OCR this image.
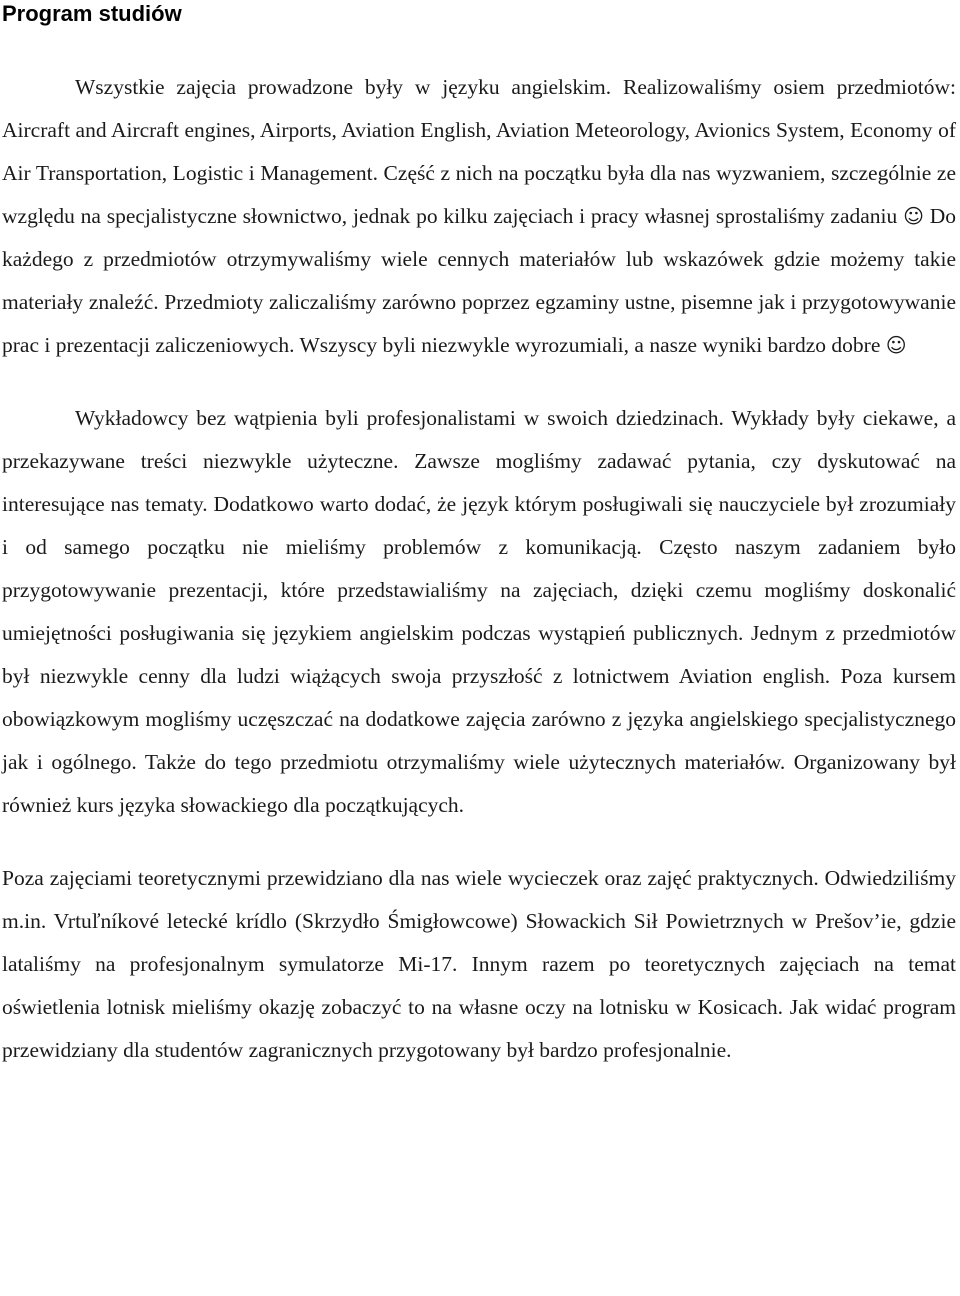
Program studiów

Wszystkie zajęcia prowadzone były w języku angielskim. Realizowaliśmy osiem przedmiotów: Aircraft and Aircraft engines, Airports, Aviation English, Aviation Meteorology, Avionics System, Economy of Air Transportation, Logistic i Management. Część z nich na początku była dla nas wyzwaniem, szczególnie ze względu na specjalistyczne słownictwo, jednak po kilku zajęciach i pracy własnej sprostaliśmy zadaniu ☺ Do każdego z przedmiotów otrzymywaliśmy wiele cennych materiałów lub wskazówek gdzie możemy takie materiały znaleźć. Przedmioty zaliczaliśmy zarówno poprzez egzaminy ustne, pisemne jak i przygotowywanie prac i prezentacji zaliczeniowych. Wszyscy byli niezwykle wyrozumiali, a nasze wyniki bardzo dobre ☺

Wykładowcy bez wątpienia byli profesjonalistami w swoich dziedzinach. Wykłady były ciekawe, a przekazywane treści niezwykle użyteczne. Zawsze mogliśmy zadawać pytania, czy dyskutować na interesujące nas tematy. Dodatkowo warto dodać, że język którym posługiwali się nauczyciele był zrozumiały i od samego początku nie mieliśmy problemów z komunikacją. Często naszym zadaniem było przygotowywanie prezentacji, które przedstawialiśmy na zajęciach, dzięki czemu mogliśmy doskonalić umiejętności posługiwania się językiem angielskim podczas wystąpień publicznych. Jednym z przedmiotów był niezwykle cenny dla ludzi wiążących swoja przyszłość z lotnictwem Aviation english. Poza kursem obowiązkowym mogliśmy uczęszczać na dodatkowe zajęcia zarówno z języka angielskiego specjalistycznego jak i ogólnego. Także do tego przedmiotu otrzymaliśmy wiele użytecznych materiałów. Organizowany był również kurs języka słowackiego dla początkujących.

Poza zajęciami teoretycznymi przewidziano dla nas wiele wycieczek oraz zajęć praktycznych. Odwiedziliśmy m.in. Vrtuľníkové letecké krídlo (Skrzydło Śmigłowcowe) Słowackich Sił Powietrznych w Prešov’ie, gdzie lataliśmy na profesjonalnym symulatorze Mi-17. Innym razem po teoretycznych zajęciach na temat oświetlenia lotnisk mieliśmy okazję zobaczyć to na własne oczy na lotnisku w Kosicach. Jak widać program przewidziany dla studentów zagranicznych przygotowany był bardzo profesjonalnie.
